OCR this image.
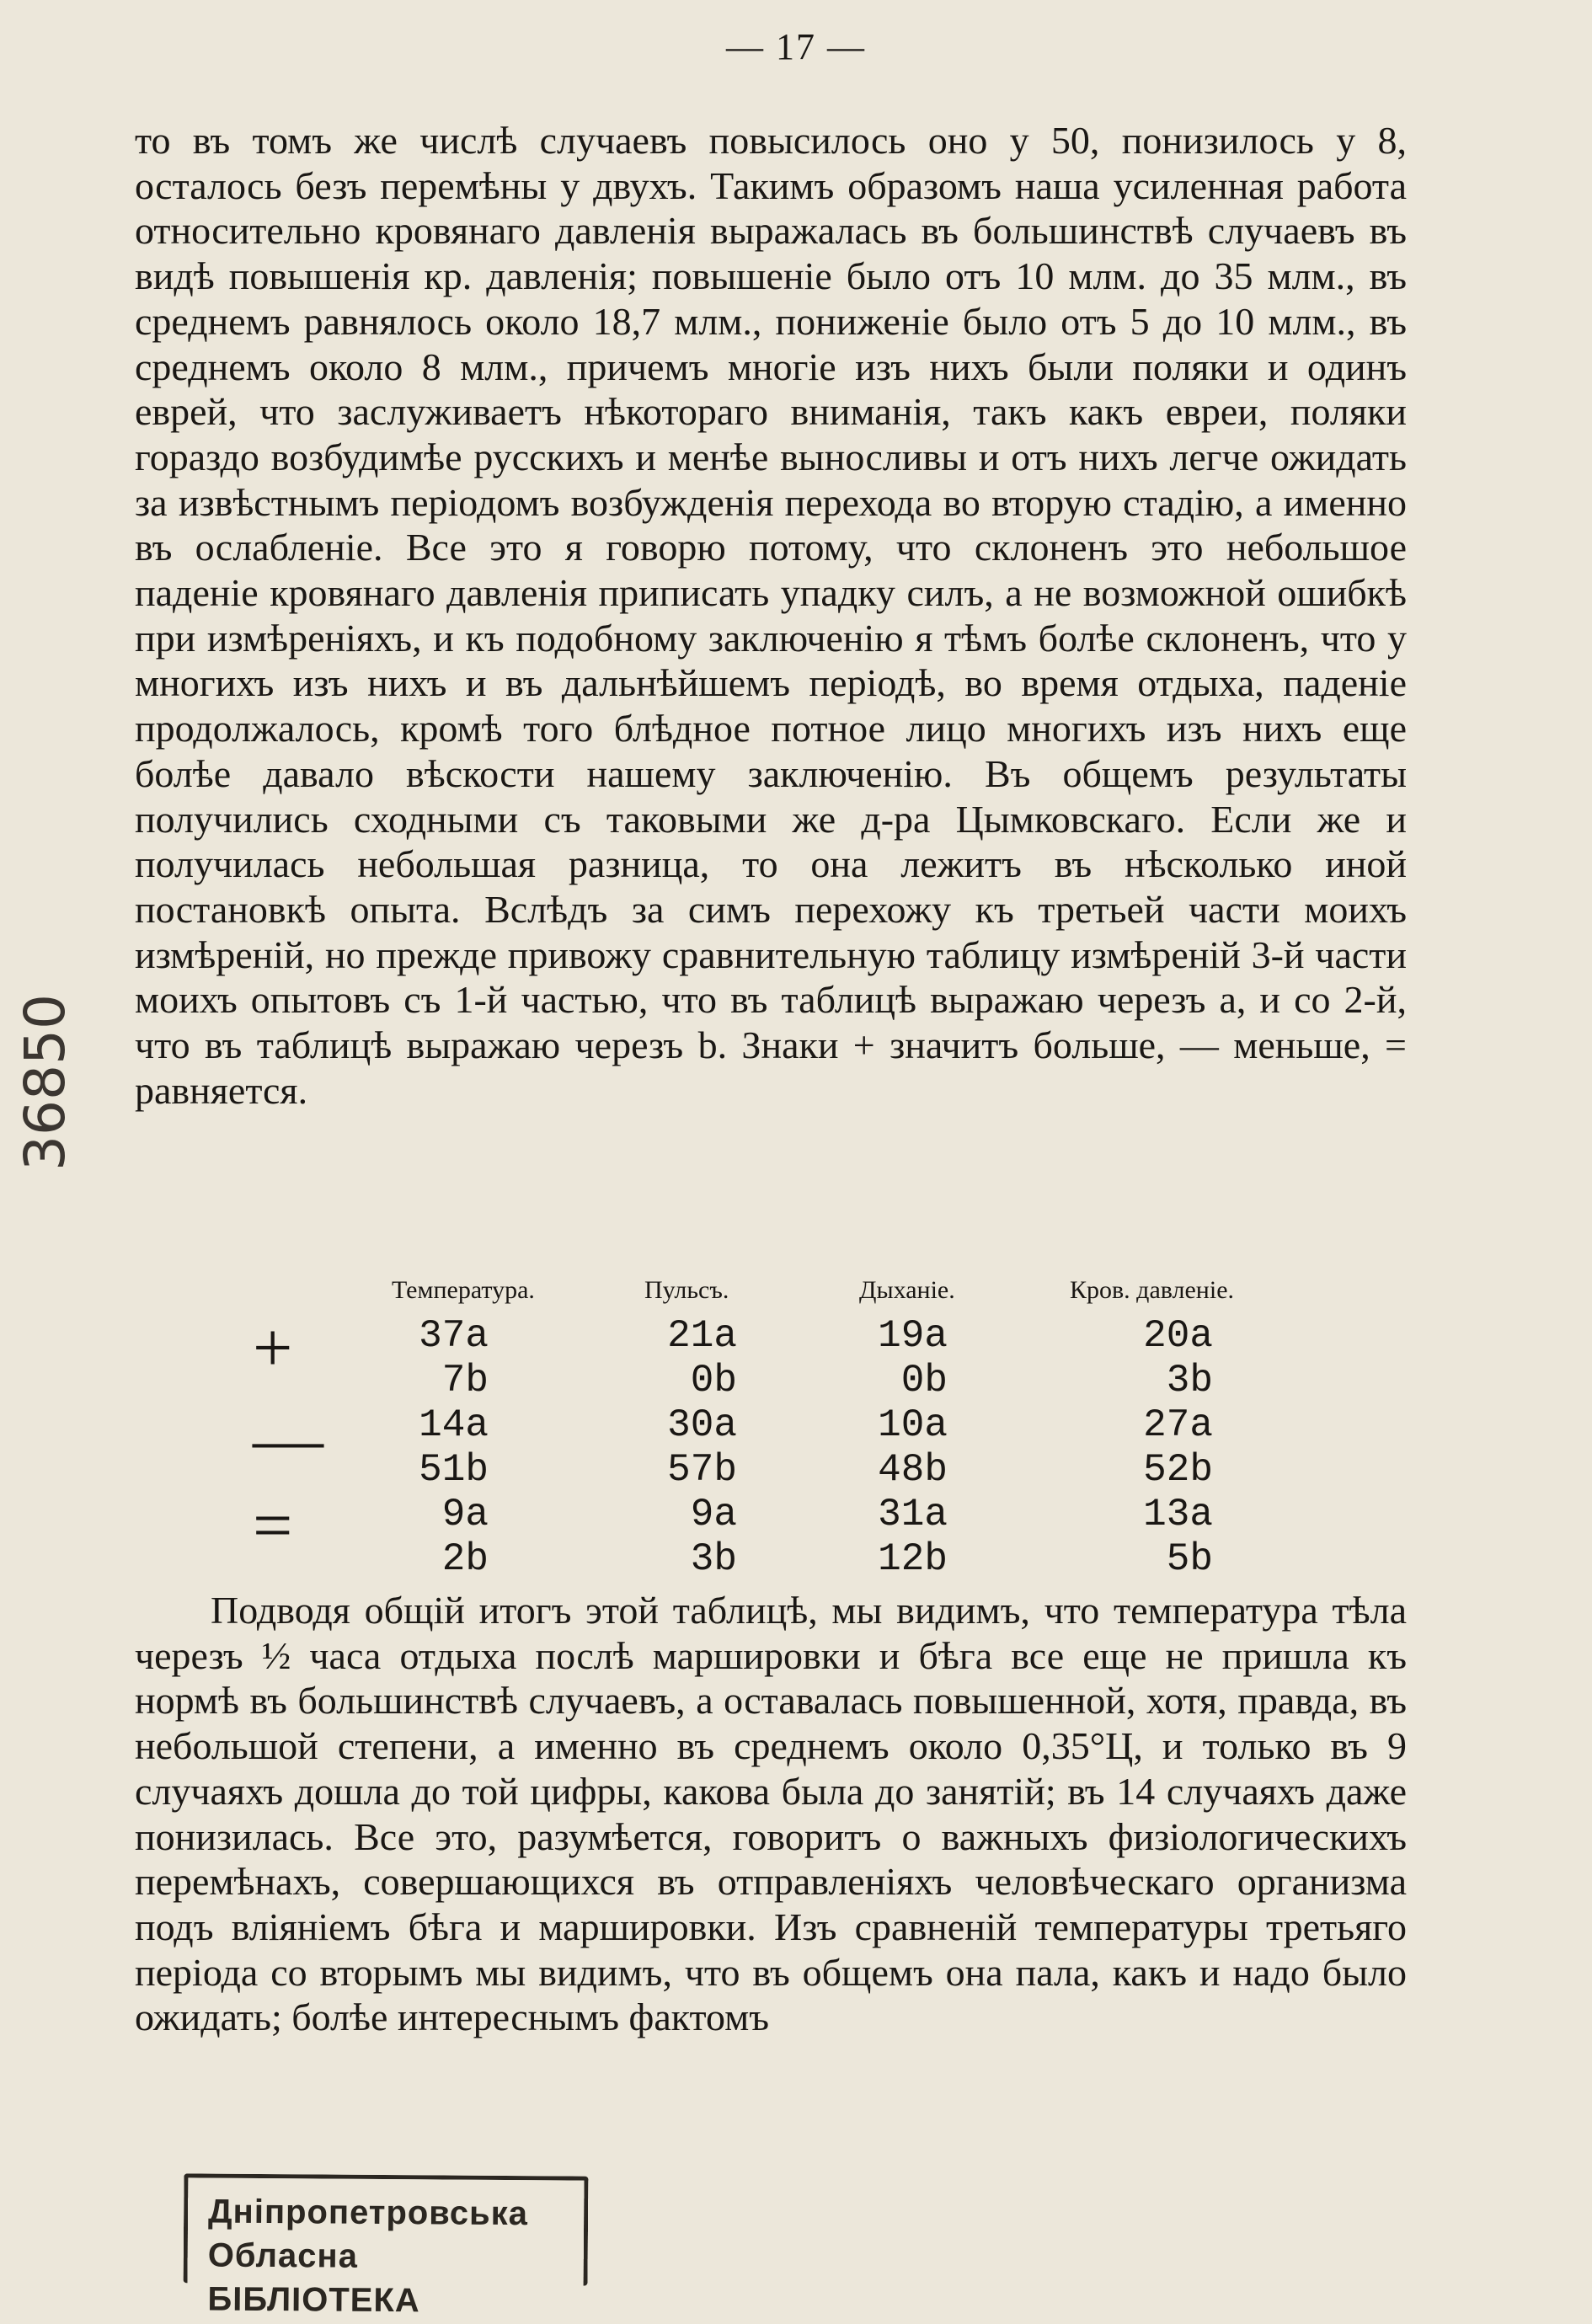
— 17 —
то въ томъ же числѣ случаевъ повысилось оно у 50, понизилось у 8, осталось безъ перемѣны у двухъ. Такимъ образомъ наша усиленная работа относительно кровянаго давленія выражалась въ большинствѣ случаевъ въ видѣ повышенія кр. давленія; повышеніе было отъ 10 млм. до 35 млм., въ среднемъ равнялось около 18,7 млм., пониженіе было отъ 5 до 10 млм., въ среднемъ около 8 млм., причемъ многіе изъ нихъ были поляки и одинъ еврей, что заслуживаетъ нѣкотораго вниманія, такъ какъ евреи, поляки гораздо возбудимѣе русскихъ и менѣе выносливы и отъ нихъ легче ожидать за извѣстнымъ періодомъ возбужденія перехода во вторую стадію, а именно въ ослабленіе. Все это я говорю потому, что склоненъ это небольшое паденіе кровянаго давленія приписать упадку силъ, а не возможной ошибкѣ при измѣреніяхъ, и къ подобному заключенію я тѣмъ болѣе склоненъ, что у многихъ изъ нихъ и въ дальнѣйшемъ періодѣ, во время отдыха, паденіе продолжалось, кромѣ того блѣдное потное лицо многихъ изъ нихъ еще болѣе давало вѣскости нашему заключенію. Въ общемъ результаты получились сходными съ таковыми же д-ра Цымковскаго. Если же и получилась небольшая разница, то она лежитъ въ нѣсколько иной постановкѣ опыта. Вслѣдъ за симъ перехожу къ третьей части моихъ измѣреній, но прежде привожу сравнительную таблицу измѣреній 3-й части моихъ опытовъ съ 1-й частью, что въ таблицѣ выражаю черезъ а, и со 2-й, что въ таблицѣ выражаю черезъ b. Знаки + значитъ больше, — меньше, = равняется.
Температура.	Пульсъ.	Дыханіе.	Кров. давленіе.
+
—
=
37a	21a	19a	20a
7b	0b	0b	3b
14a	30a	10a	27a
51b	57b	48b	52b
9a	9a	31a	13a
2b	3b	12b	5b
Подводя общій итогъ этой таблицѣ, мы видимъ, что температура тѣла черезъ ½ часа отдыха послѣ маршировки и бѣга все еще не пришла къ нормѣ въ большинствѣ случаевъ, а оставалась повышенной, хотя, правда, въ небольшой степени, а именно въ среднемъ около 0,35°Ц, и только въ 9 случаяхъ дошла до той цифры, какова была до занятій; въ 14 случаяхъ даже понизилась. Все это, разумѣется, говоритъ о важныхъ физіологическихъ перемѣнахъ, совершающихся въ отправленіяхъ человѣческаго организма подъ вліяніемъ бѣга и маршировки. Изъ сравненій температуры третьяго періода со вторымъ мы видимъ, что въ общемъ она пала, какъ и надо было ожидать; болѣе интереснымъ фактомъ
36850
Дніпропетровська
Обласна БІБЛІОТЕКА
